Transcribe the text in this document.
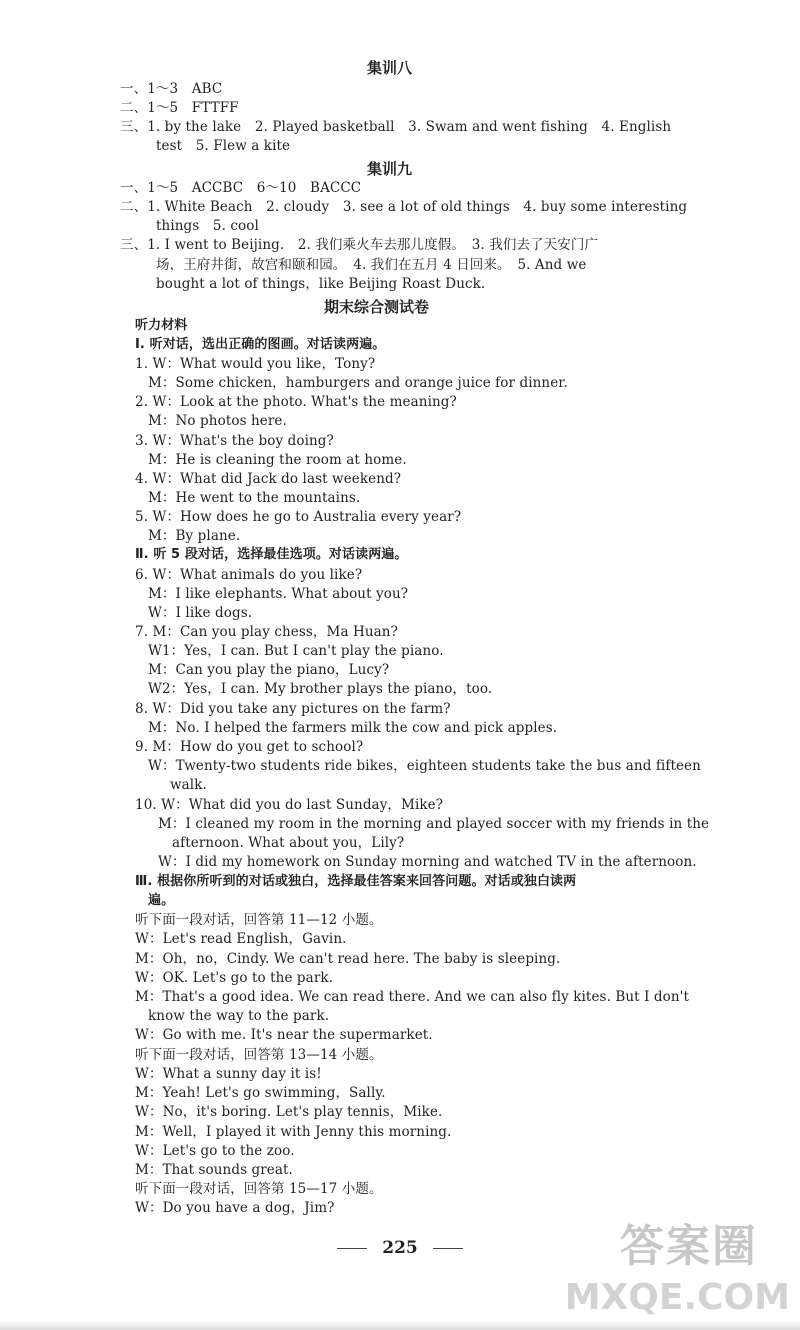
集训八
一、1～3　ABC
二、1～5　FTTFF
三、1. by the lake　2. Played basketball　3. Swam and went fishing　4. English
test　5. Flew a kite
集训九
一、1～5　ACCBC　6～10　BACCC
二、1. White Beach　2. cloudy　3. see a lot of old things　4. buy some interesting
things　5. cool
三、1. I went to Beijing.　2. 我们乘火车去那儿度假。　3. 我们去了天安门广
场，王府井街，故宫和颐和园。　4. 我们在五月 4 日回来。　5. And we
bought a lot of things，like Beijing Roast Duck.
期末综合测试卷
听力材料
Ⅰ. 听对话，选出正确的图画。对话读两遍。
1. W：What would you like，Tony?
M：Some chicken，hamburgers and orange juice for dinner.
2. W：Look at the photo. What's the meaning?
M：No photos here.
3. W：What's the boy doing?
M：He is cleaning the room at home.
4. W：What did Jack do last weekend?
M：He went to the mountains.
5. W：How does he go to Australia every year?
M：By plane.
Ⅱ. 听 5 段对话，选择最佳选项。对话读两遍。
6. W：What animals do you like?
M：I like elephants. What about you?
W：I like dogs.
7. M：Can you play chess，Ma Huan?
W1：Yes，I can. But I can't play the piano.
M：Can you play the piano，Lucy?
W2：Yes，I can. My brother plays the piano，too.
8. W：Did you take any pictures on the farm?
M：No. I helped the farmers milk the cow and pick apples.
9. M：How do you get to school?
W：Twenty-two students ride bikes，eighteen students take the bus and fifteen
walk.
10. W：What did you do last Sunday，Mike?
M：I cleaned my room in the morning and played soccer with my friends in the
afternoon. What about you，Lily?
W：I did my homework on Sunday morning and watched TV in the afternoon.
Ⅲ. 根据你所听到的对话或独白，选择最佳答案来回答问题。对话或独白读两
遍。
听下面一段对话，回答第 11—12 小题。
W：Let's read English，Gavin.
M：Oh，no，Cindy. We can't read here. The baby is sleeping.
W：OK. Let's go to the park.
M：That's a good idea. We can read there. And we can also fly kites. But I don't
know the way to the park.
W：Go with me. It's near the supermarket.
听下面一段对话，回答第 13—14 小题。
W：What a sunny day it is!
M：Yeah! Let's go swimming，Sally.
W：No，it's boring. Let's play tennis，Mike.
M：Well，I played it with Jenny this morning.
W：Let's go to the zoo.
M：That sounds great.
听下面一段对话，回答第 15—17 小题。
W：Do you have a dog，Jim?
225	答案圈
MXQE.COM
